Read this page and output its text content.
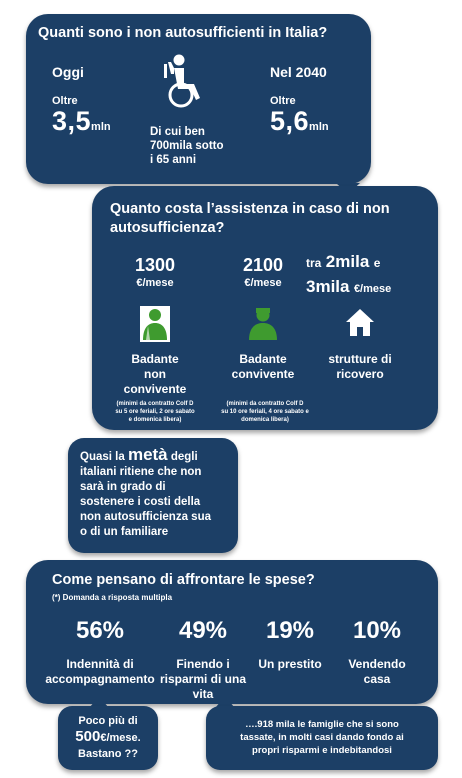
Quanti sono i non autosufficienti in Italia?
Oggi
Oltre
3,5mln	Di cui ben
700mila sotto
i 65 anni
Nel 2040
Oltre
5,6mln
Quanto costa l’assistenza in caso di non
autosufficienza?
1300
€/mese
Badante
non
convivente
(minimi da contratto Colf D
su 5 ore feriali, 2 ore sabato
e domenica libera)
2100
€/mese
Badante
convivente
(minimi da contratto Colf D
su 10 ore feriali, 4 ore sabato e
domenica libera)
tra 2mila e
3mila €/mese
strutture di
ricovero
Quasi la metà degli
italiani ritiene che non
sarà in grado di
sostenere i costi della
non autosufficienza sua
o di un familiare
Come pensano di affrontare le spese?
(*) Domanda a risposta multipla
56%
Indennità di
accompagnamento
49%
Finendo i
risparmi di una
vita
19%
Un prestito
10%
Vendendo
casa
Poco più di
500€/mese.
Bastano ??
….918 mila le famiglie che si sono
tassate, in molti casi dando fondo ai
propri risparmi e indebitandosi
